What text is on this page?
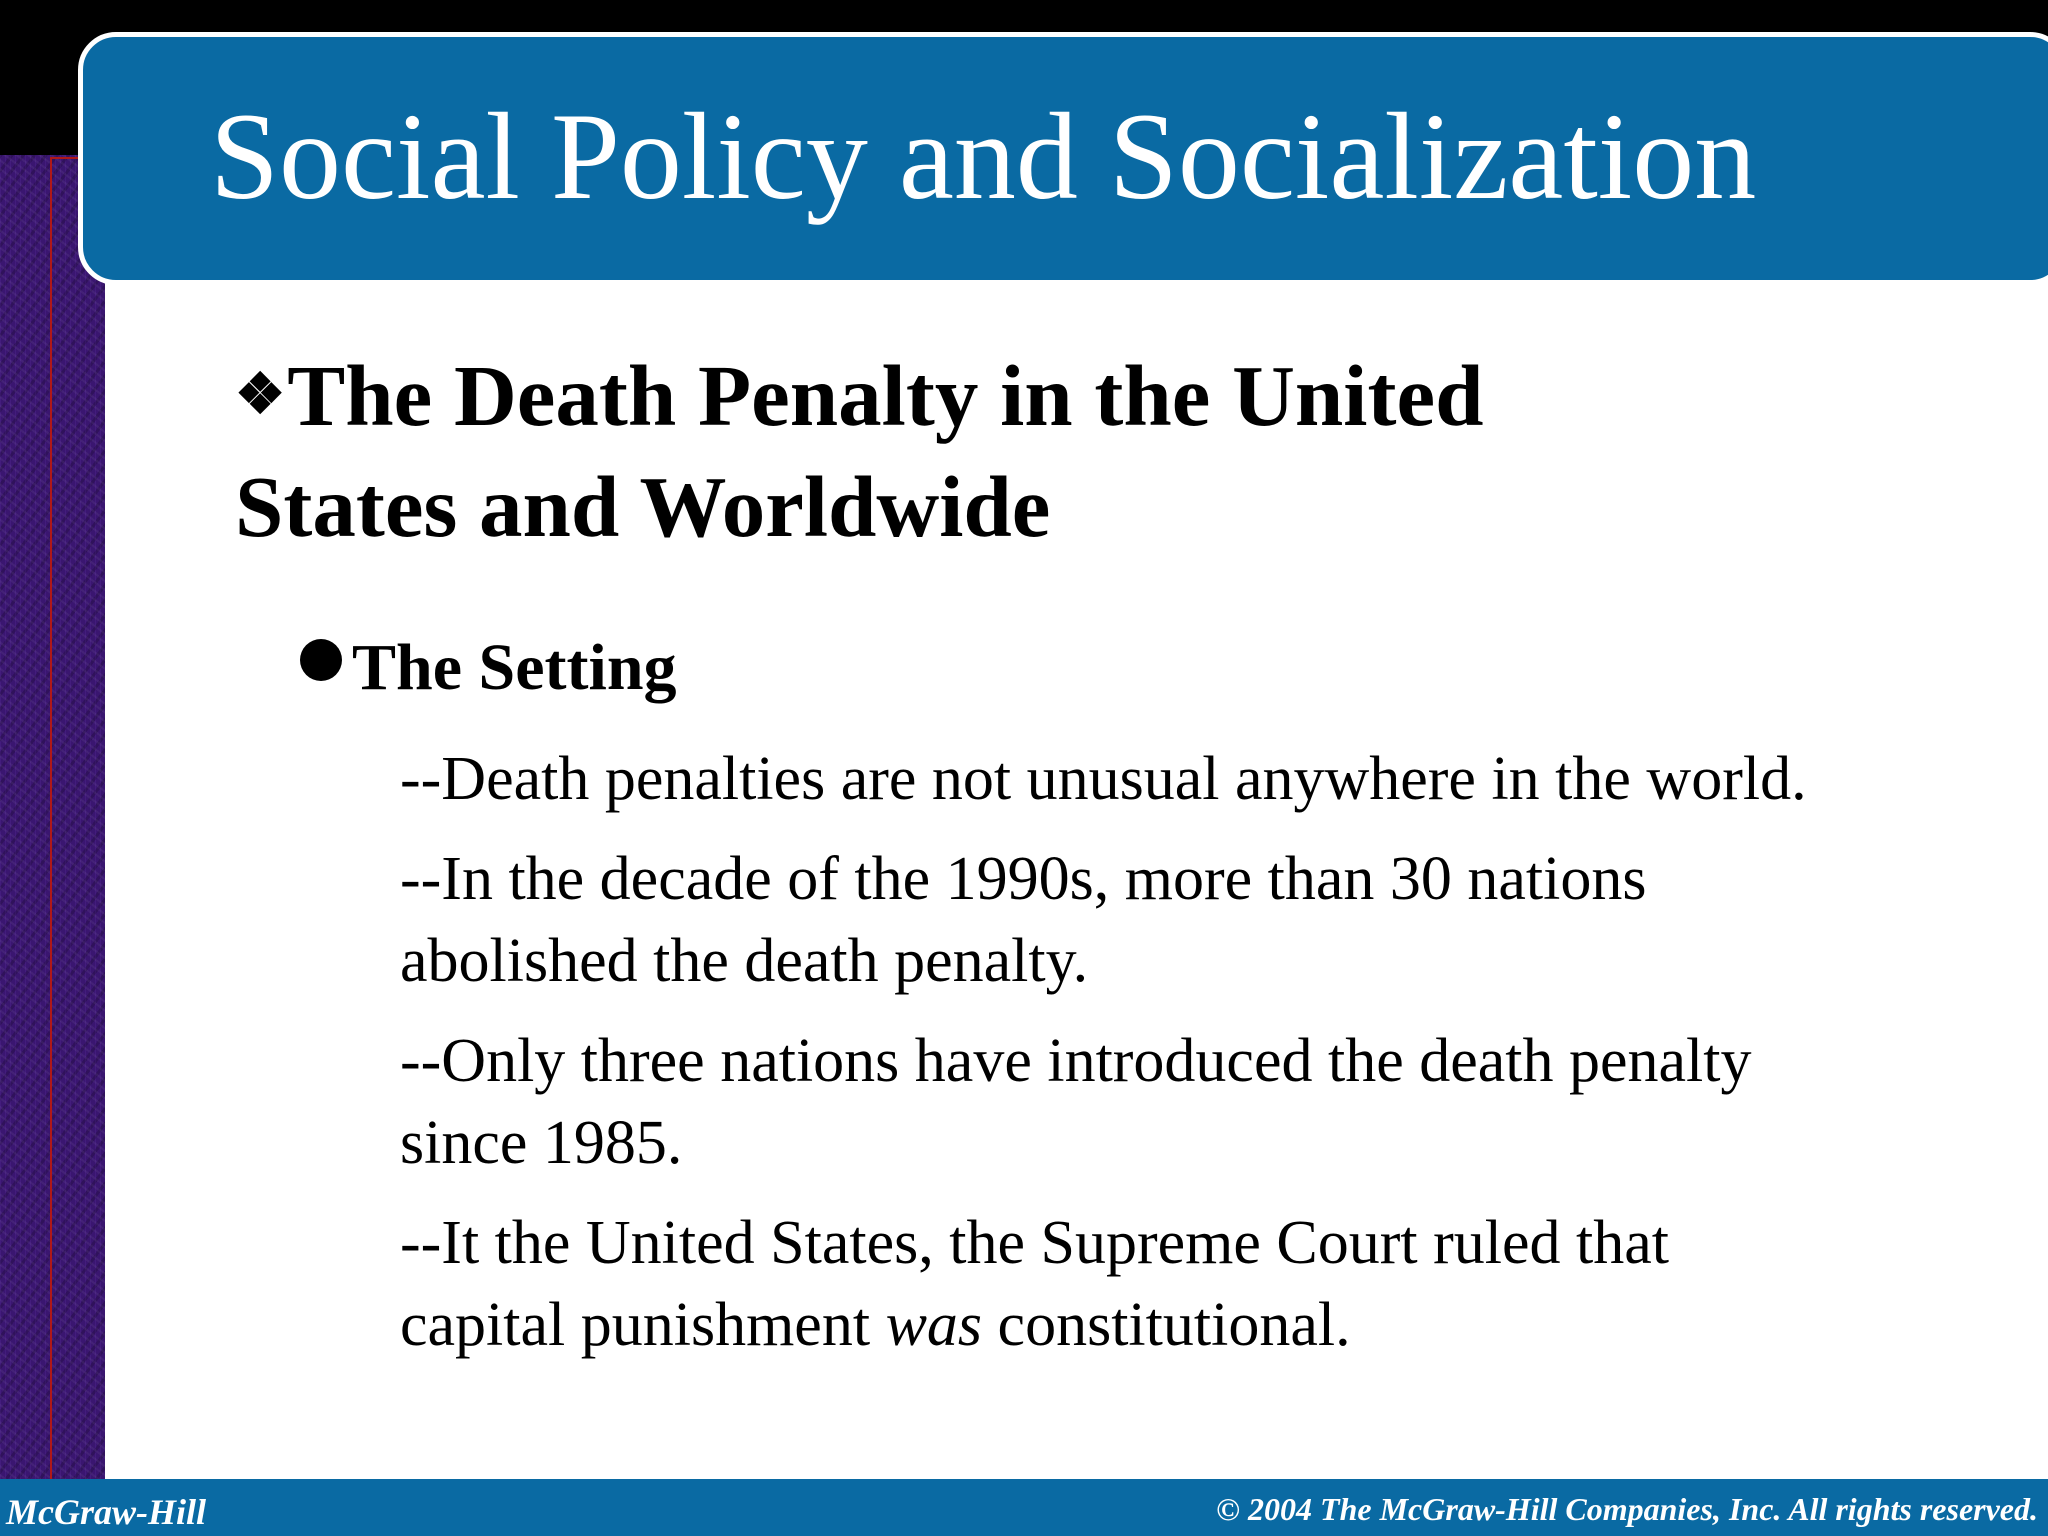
Social Policy and Socialization
❖The Death Penalty in the United States and Worldwide
The Setting

--Death penalties are not unusual anywhere in the world.

--In the decade of the 1990s, more than 30 nations abolished the death penalty.

--Only three nations have introduced the death penalty since 1985.

--It the United States, the Supreme Court ruled that capital punishment was constitutional.

McGraw-Hill	© 2004 The McGraw-Hill Companies, Inc. All rights reserved.
